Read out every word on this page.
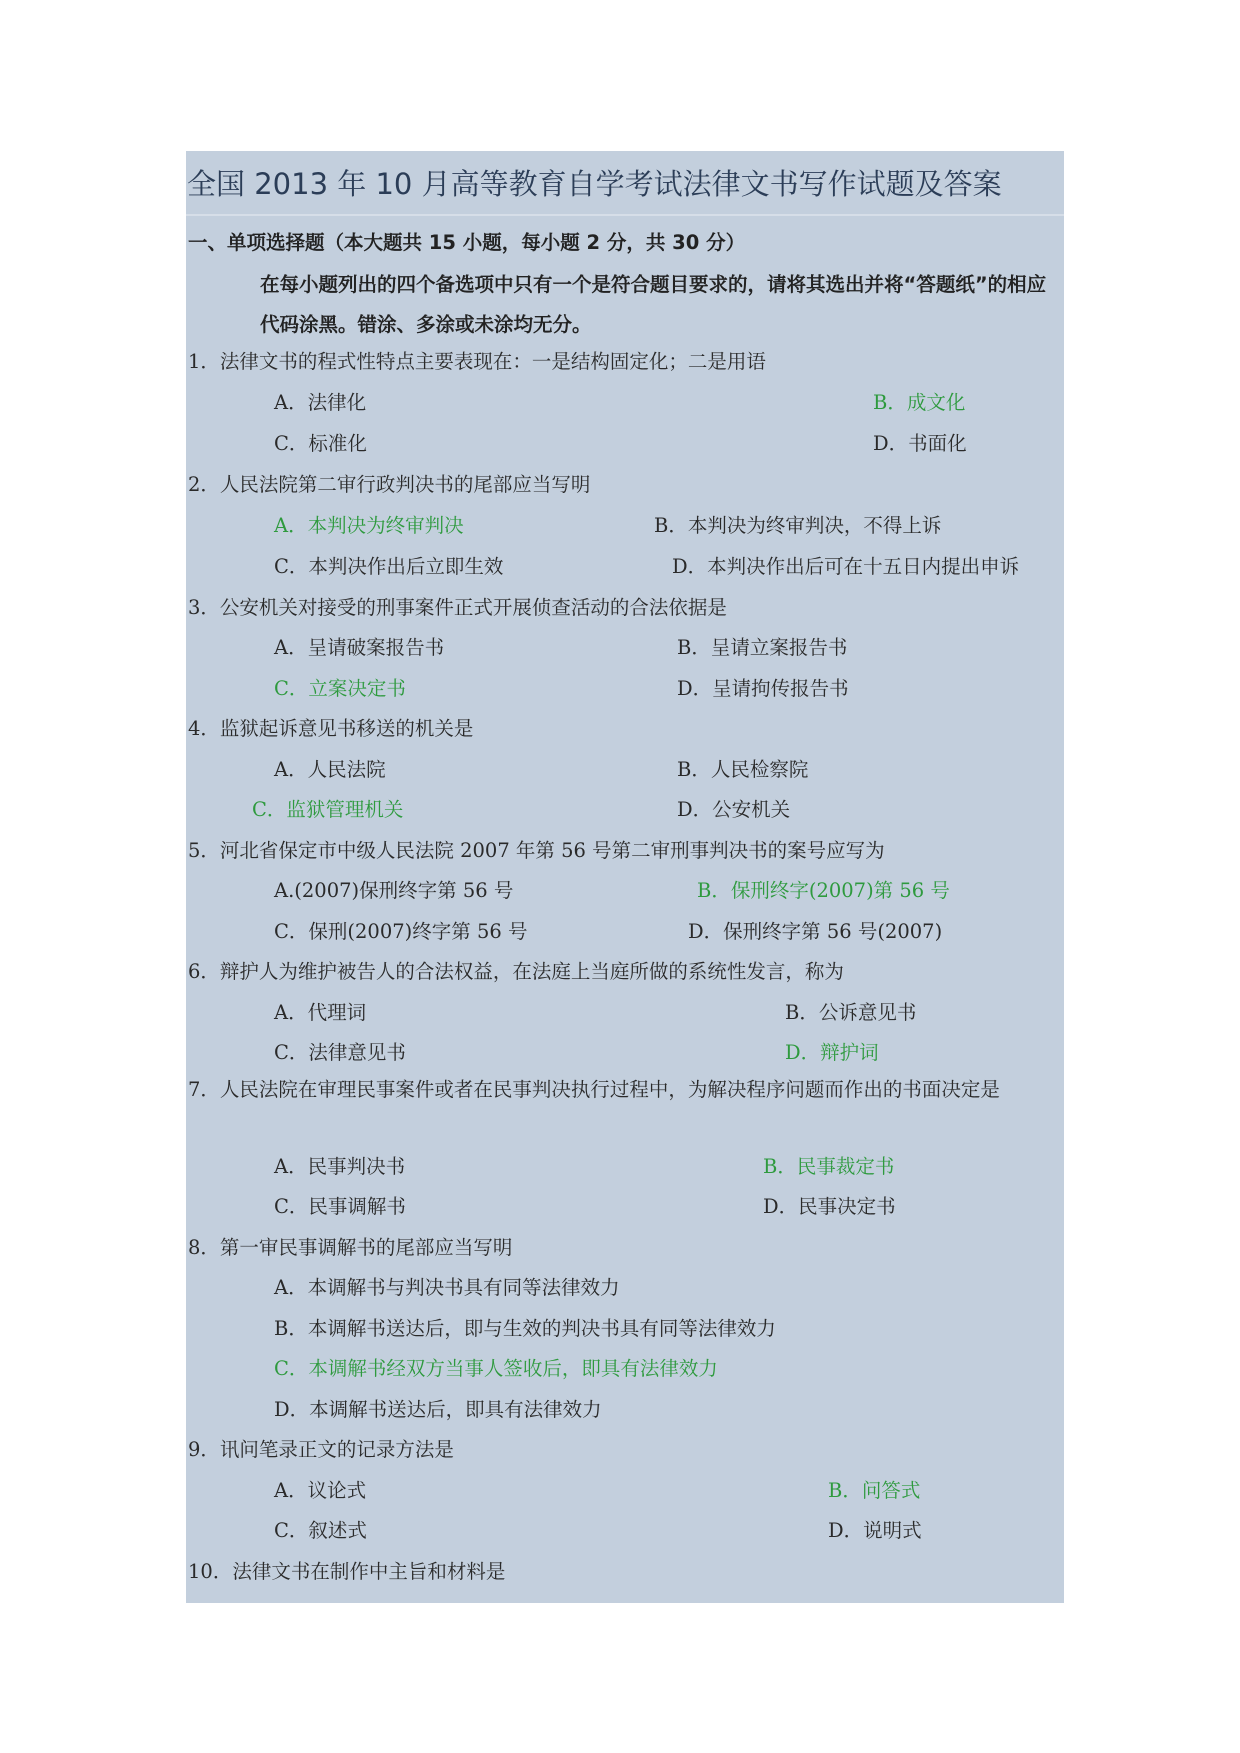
全国 2013 年 10 月高等教育自学考试法律文书写作试题及答案
一、单项选择题（本大题共 15 小题，每小题 2 分，共 30 分）
在每小题列出的四个备选项中只有一个是符合题目要求的，请将其选出并将“答题纸”的相应代码涂黑。错涂、多涂或未涂均无分。
1．法律文书的程式性特点主要表现在：一是结构固定化；二是用语
A．法律化	B．成文化
C．标准化	D．书面化
2．人民法院第二审行政判决书的尾部应当写明
A．本判决为终审判决	B．本判决为终审判决，不得上诉
C．本判决作出后立即生效	D．本判决作出后可在十五日内提出申诉
3．公安机关对接受的刑事案件正式开展侦查活动的合法依据是
A．呈请破案报告书	B．呈请立案报告书
C．立案决定书	D．呈请拘传报告书
4．监狱起诉意见书移送的机关是
A．人民法院	B．人民检察院
C．监狱管理机关	D．公安机关
5．河北省保定市中级人民法院 2007 年第 56 号第二审刑事判决书的案号应写为
A.(2007)保刑终字第 56 号	B．保刑终字(2007)第 56 号
C．保刑(2007)终字第 56 号	D．保刑终字第 56 号(2007)
6．辩护人为维护被告人的合法权益，在法庭上当庭所做的系统性发言，称为
A．代理词	B．公诉意见书
C．法律意见书	D．辩护词
7．人民法院在审理民事案件或者在民事判决执行过程中，为解决程序问题而作出的书面决定是
A．民事判决书	B．民事裁定书
C．民事调解书	D．民事决定书
8．第一审民事调解书的尾部应当写明
A．本调解书与判决书具有同等法律效力
B．本调解书送达后，即与生效的判决书具有同等法律效力
C．本调解书经双方当事人签收后，即具有法律效力
D．本调解书送达后，即具有法律效力
9．讯问笔录正文的记录方法是
A．议论式	B．问答式
C．叙述式	D．说明式
10．法律文书在制作中主旨和材料是
